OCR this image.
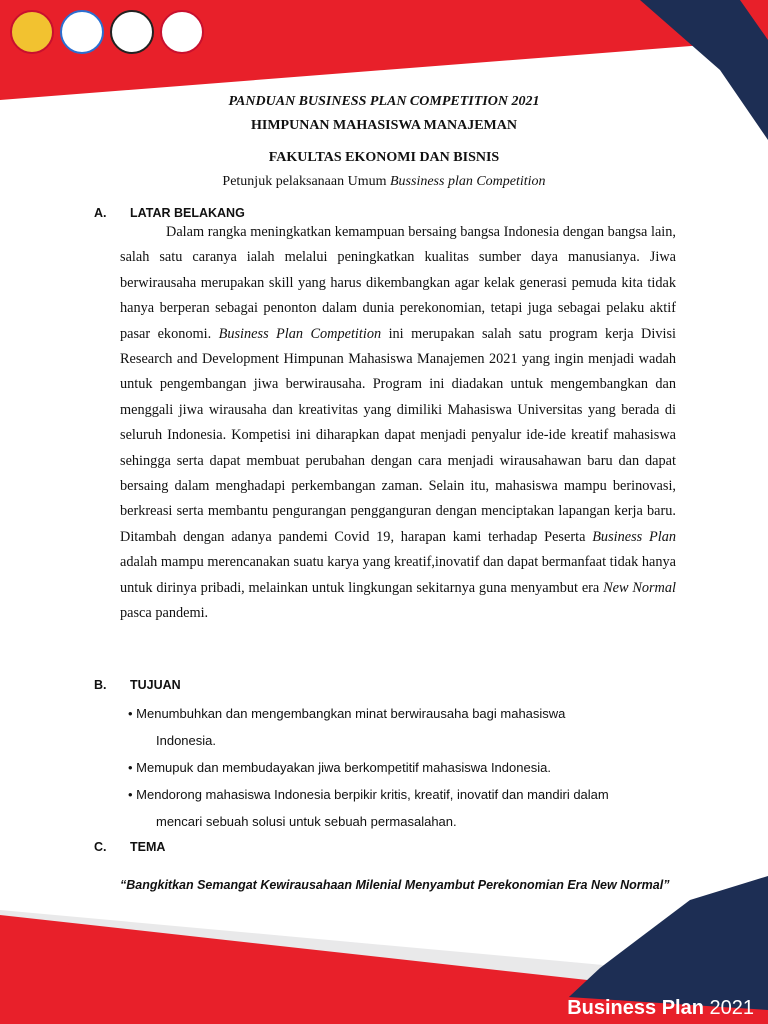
PANDUAN BUSINESS PLAN COMPETITION 2021

HIMPUNAN MAHASISWA MANAJEMAN

FAKULTAS EKONOMI DAN BISNIS

Petunjuk pelaksanaan Umum Bussiness plan Competition

A.	LATAR BELAKANG

Dalam rangka meningkatkan kemampuan bersaing bangsa Indonesia dengan bangsa lain, salah satu caranya ialah melalui peningkatkan kualitas sumber daya manusianya. Jiwa berwirausaha merupakan skill yang harus dikembangkan agar kelak generasi pemuda kita tidak hanya berperan sebagai penonton dalam dunia perekonomian, tetapi juga sebagai pelaku aktif pasar ekonomi. Business Plan Competition ini merupakan salah satu program kerja Divisi Research and Development Himpunan Mahasiswa Manajemen 2021 yang ingin menjadi wadah untuk pengembangan jiwa berwirausaha. Program ini diadakan untuk mengembangkan dan menggali jiwa wirausaha dan kreativitas yang dimiliki Mahasiswa Universitas yang berada di seluruh Indonesia. Kompetisi ini diharapkan dapat menjadi penyalur ide-ide kreatif mahasiswa sehingga serta dapat membuat perubahan dengan cara menjadi wirausahawan baru dan dapat bersaing dalam menghadapi perkembangan zaman. Selain itu, mahasiswa mampu berinovasi, berkreasi serta membantu pengurangan pengganguran dengan menciptakan lapangan kerja baru. Ditambah dengan adanya pandemi Covid 19, harapan kami terhadap Peserta Business Plan adalah mampu merencanakan suatu karya yang kreatif,inovatif dan dapat bermanfaat tidak hanya untuk dirinya pribadi, melainkan untuk lingkungan sekitarnya guna menyambut era New Normal pasca pandemi.

B.	TUJUAN
• Menumbuhkan dan mengembangkan minat berwirausaha bagi mahasiswa
Indonesia.
• Memupuk dan membudayakan jiwa berkompetitif mahasiswa Indonesia.
• Mendorong mahasiswa Indonesia berpikir kritis, kreatif, inovatif dan mandiri dalam
mencari sebuah solusi untuk sebuah permasalahan.
C.	TEMA

“Bangkitkan Semangat Kewirausahaan Milenial Menyambut Perekonomian Era New Normal”

Business Plan 2021
